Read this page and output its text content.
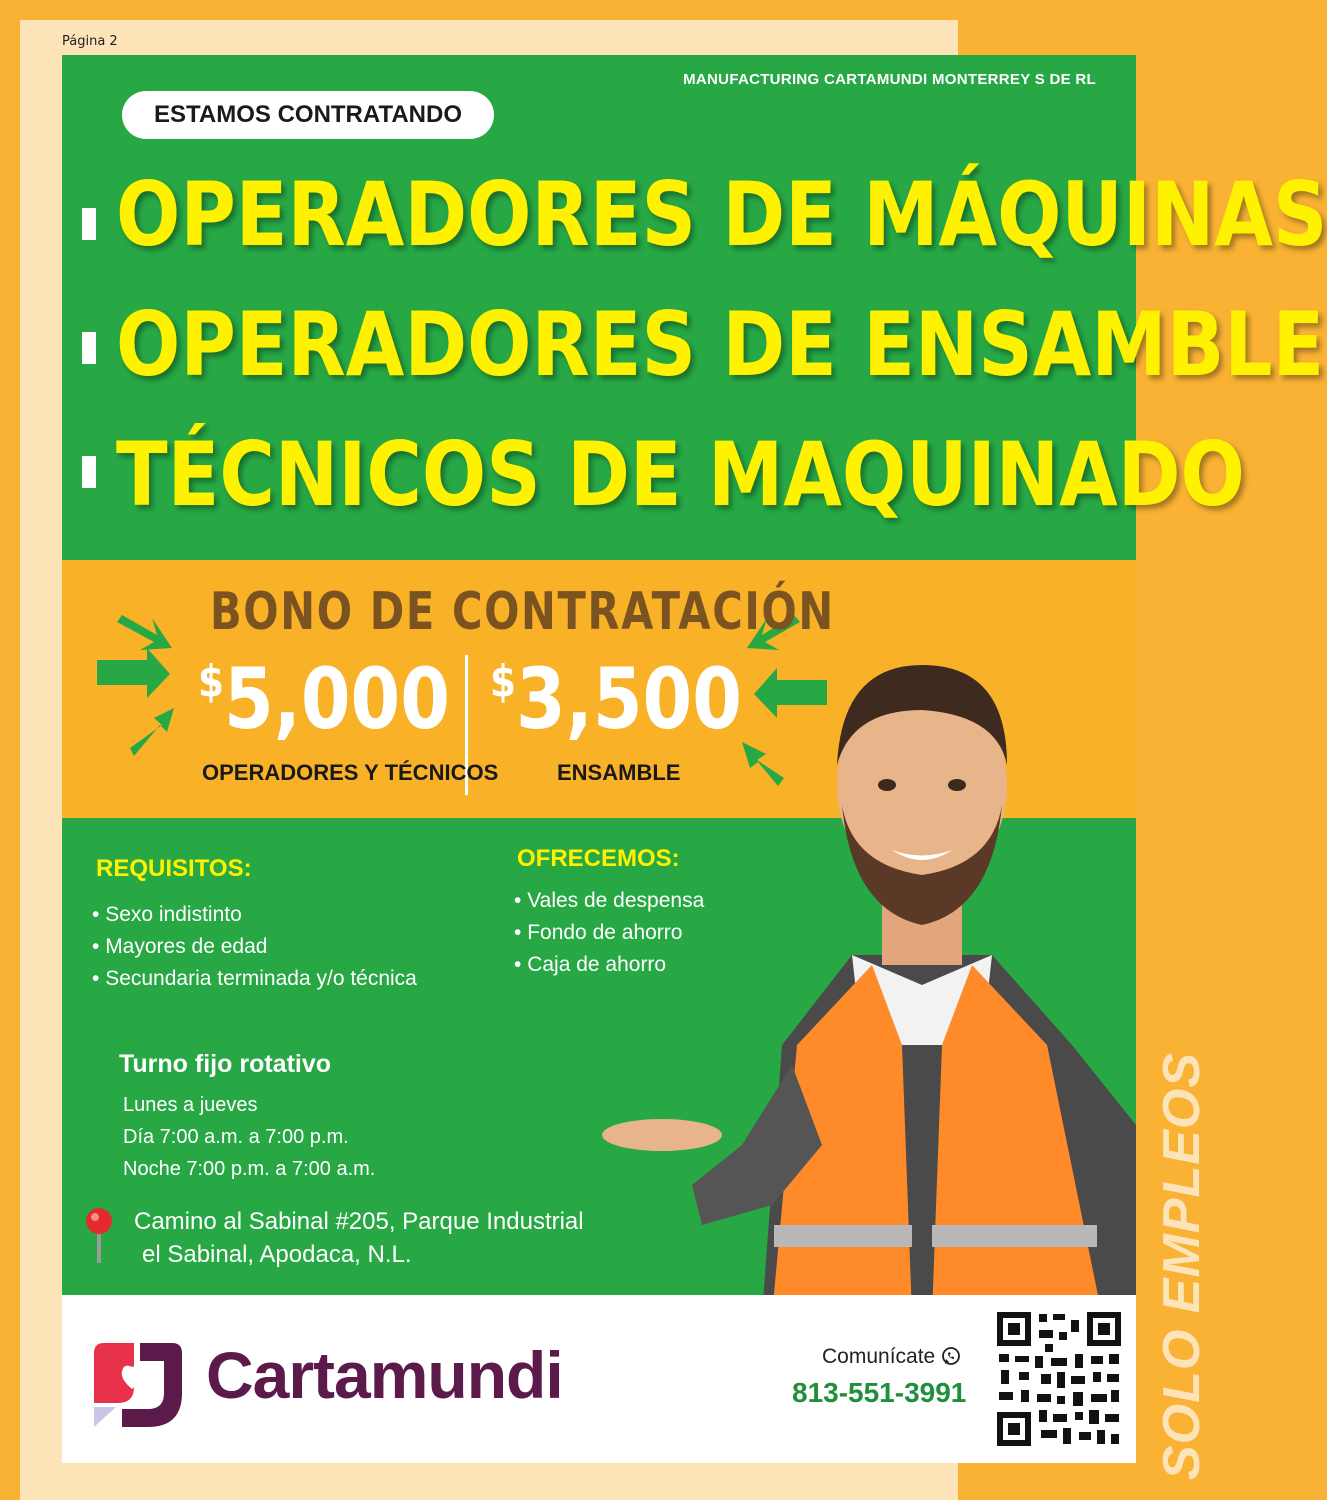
Página 2
SOLO EMPLEOS
MANUFACTURING CARTAMUNDI MONTERREY S DE RL
ESTAMOS CONTRATANDO
OPERADORES DE MÁQUINAS
OPERADORES DE ENSAMBLE
TÉCNICOS DE MAQUINADO
BONO DE CONTRATACIÓN
$5,000 $3,500
OPERADORES Y TÉCNICOS	ENSAMBLE
REQUISITOS:
• Sexo indistinto
• Mayores de edad
• Secundaria terminada y/o técnica
OFRECEMOS:
• Vales de despensa
• Fondo de ahorro
• Caja de ahorro
Turno fijo rotativo
Lunes a jueves
Día 7:00 a.m. a 7:00 p.m.
Noche 7:00 p.m. a 7:00 a.m.
Camino al Sabinal #205, Parque Industrial
el Sabinal, Apodaca, N.L.
Cartamundi	Comunícate
813-551-3991
